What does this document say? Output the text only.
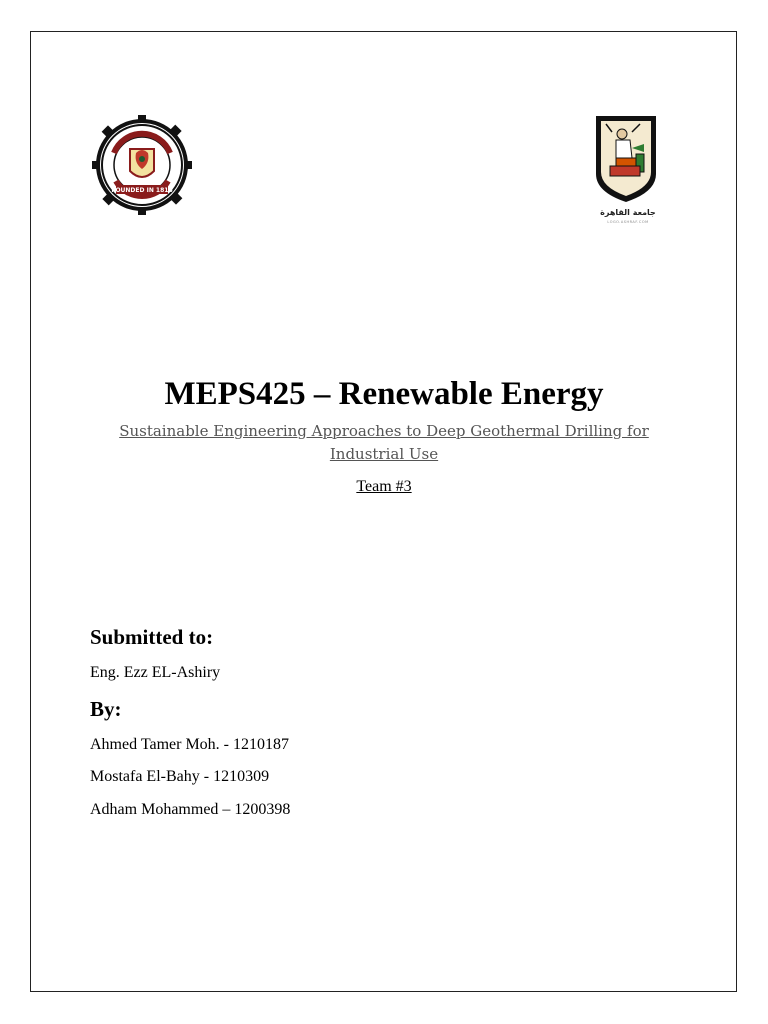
FOUNDED IN 1816
جامعة القاهرة
LOGO.ASHRAF.COM
MEPS425 – Renewable Energy
Sustainable Engineering Approaches to Deep Geothermal Drilling for Industrial Use
Team #3
Submitted to:
Eng. Ezz EL-Ashiry
By:
Ahmed Tamer Moh. - 1210187
Mostafa El-Bahy - 1210309
Adham Mohammed – 1200398
